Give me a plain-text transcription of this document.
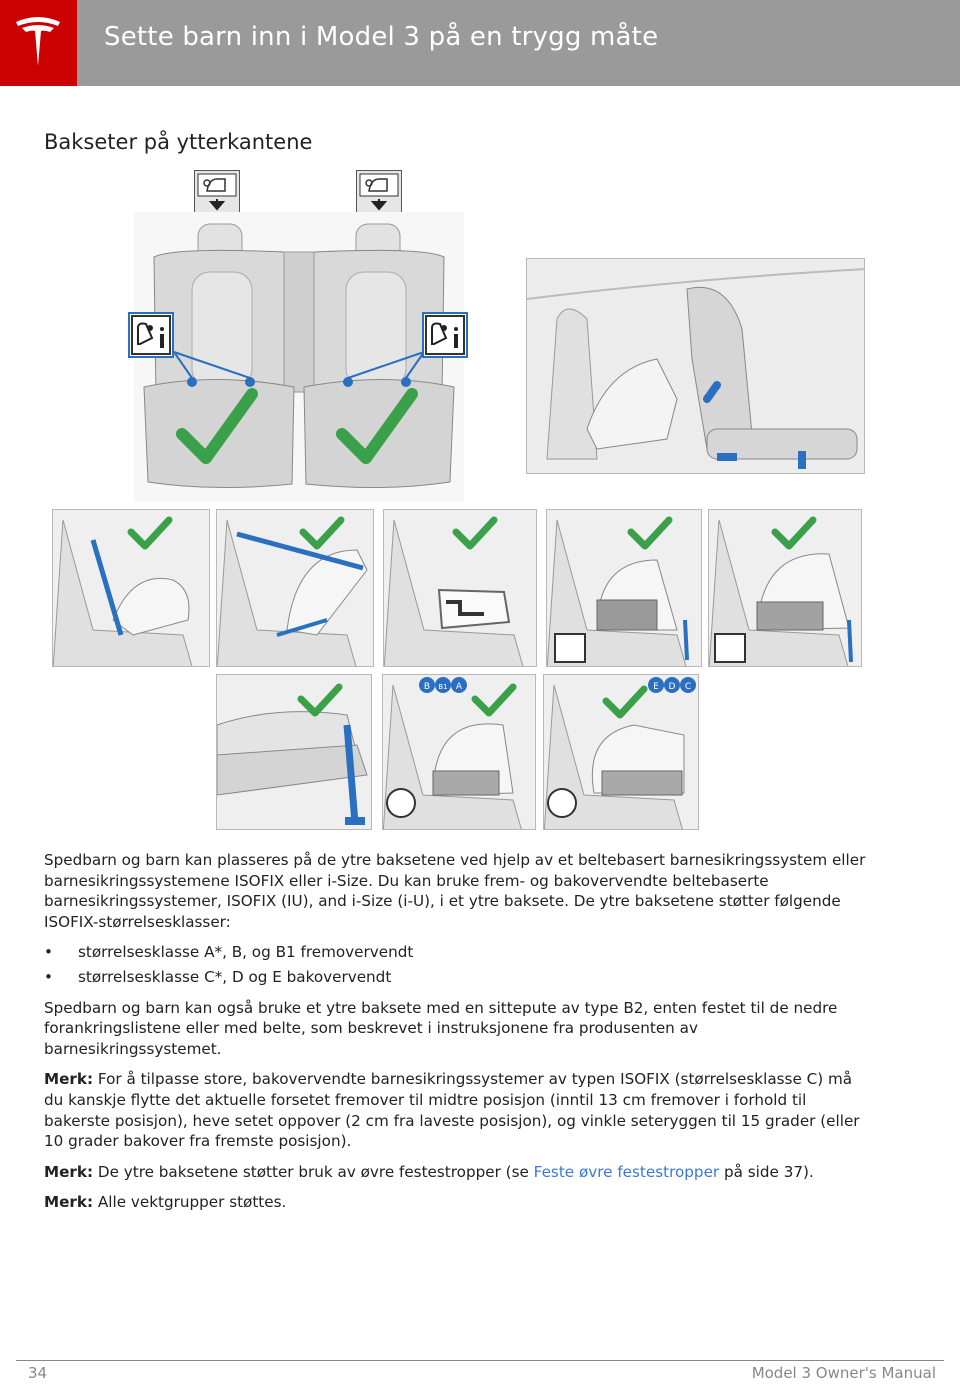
Sette barn inn i Model 3 på en trygg måte
Bakseter på ytterkantene
B B1 A	E D C

Spedbarn og barn kan plasseres på de ytre baksetene ved hjelp av et beltebasert barnesikringssystem eller barnesikringssystemene ISOFIX eller i-Size. Du kan bruke frem- og bakovervendte beltebaserte barnesikringssystemer, ISOFIX (IU), and i-Size (i-U), i et ytre baksete. De ytre baksetene støtter følgende ISOFIX-størrelsesklasser:

• størrelsesklasse A*, B, og B1 fremovervendt
• størrelsesklasse C*, D og E bakovervendt

Spedbarn og barn kan også bruke et ytre baksete med en sittepute av type B2, enten festet til de nedre forankringslistene eller med belte, som beskrevet i instruksjonene fra produsenten av barnesikringssystemet.

Merk: For å tilpasse store, bakovervendte barnesikringssystemer av typen ISOFIX (størrelsesklasse C) må du kanskje flytte det aktuelle forsetet fremover til midtre posisjon (inntil 13 cm fremover i forhold til bakerste posisjon), heve setet oppover (2 cm fra laveste posisjon), og vinkle seteryggen til 15 grader (eller 10 grader bakover fra fremste posisjon).

Merk: De ytre baksetene støtter bruk av øvre festestropper (se Feste øvre festestropper på side 37).

Merk: Alle vektgrupper støttes.

34	Model 3 Owner's Manual
